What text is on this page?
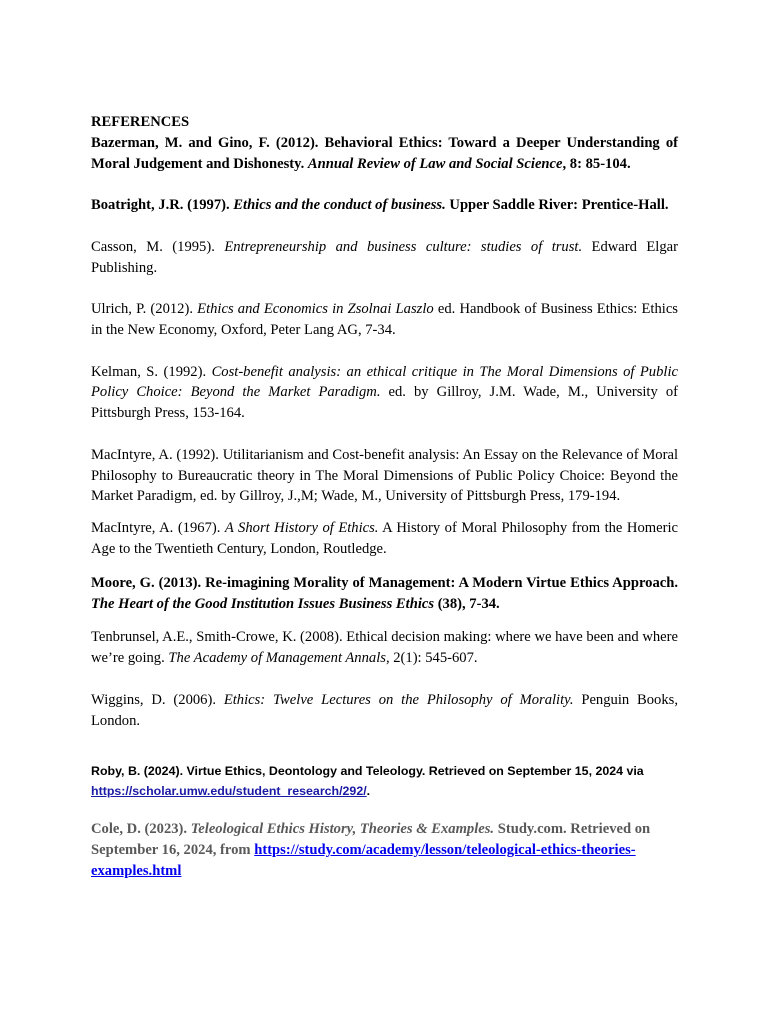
REFERENCES

Bazerman, M. and Gino, F. (2012). Behavioral Ethics: Toward a Deeper Understanding of Moral Judgement and Dishonesty. Annual Review of Law and Social Science, 8: 85-104.

Boatright, J.R. (1997). Ethics and the conduct of business. Upper Saddle River: Prentice-Hall.

Casson, M. (1995). Entrepreneurship and business culture: studies of trust. Edward Elgar Publishing.

Ulrich, P. (2012). Ethics and Economics in Zsolnai Laszlo ed. Handbook of Business Ethics: Ethics in the New Economy, Oxford, Peter Lang AG, 7-34.

Kelman, S. (1992). Cost-benefit analysis: an ethical critique in The Moral Dimensions of Public Policy Choice: Beyond the Market Paradigm. ed. by Gillroy, J.M. Wade, M., University of Pittsburgh Press, 153-164.

MacIntyre, A. (1992). Utilitarianism and Cost-benefit analysis: An Essay on the Relevance of Moral Philosophy to Bureaucratic theory in The Moral Dimensions of Public Policy Choice: Beyond the Market Paradigm, ed. by Gillroy, J.,M; Wade, M., University of Pittsburgh Press, 179-194.

MacIntyre, A. (1967). A Short History of Ethics. A History of Moral Philosophy from the Homeric Age to the Twentieth Century, London, Routledge.

Moore, G. (2013). Re-imagining Morality of Management: A Modern Virtue Ethics Approach. The Heart of the Good Institution Issues Business Ethics (38), 7-34.

Tenbrunsel, A.E., Smith-Crowe, K. (2008). Ethical decision making: where we have been and where we’re going. The Academy of Management Annals, 2(1): 545-607.

Wiggins, D. (2006). Ethics: Twelve Lectures on the Philosophy of Morality. Penguin Books, London.

Roby, B. (2024). Virtue Ethics, Deontology and Teleology. Retrieved on September 15, 2024 via https://scholar.umw.edu/student_research/292/.

Cole, D. (2023). Teleological Ethics History, Theories & Examples. Study.com. Retrieved on September 16, 2024, from https://study.com/academy/lesson/teleological-ethics-theories-examples.html
